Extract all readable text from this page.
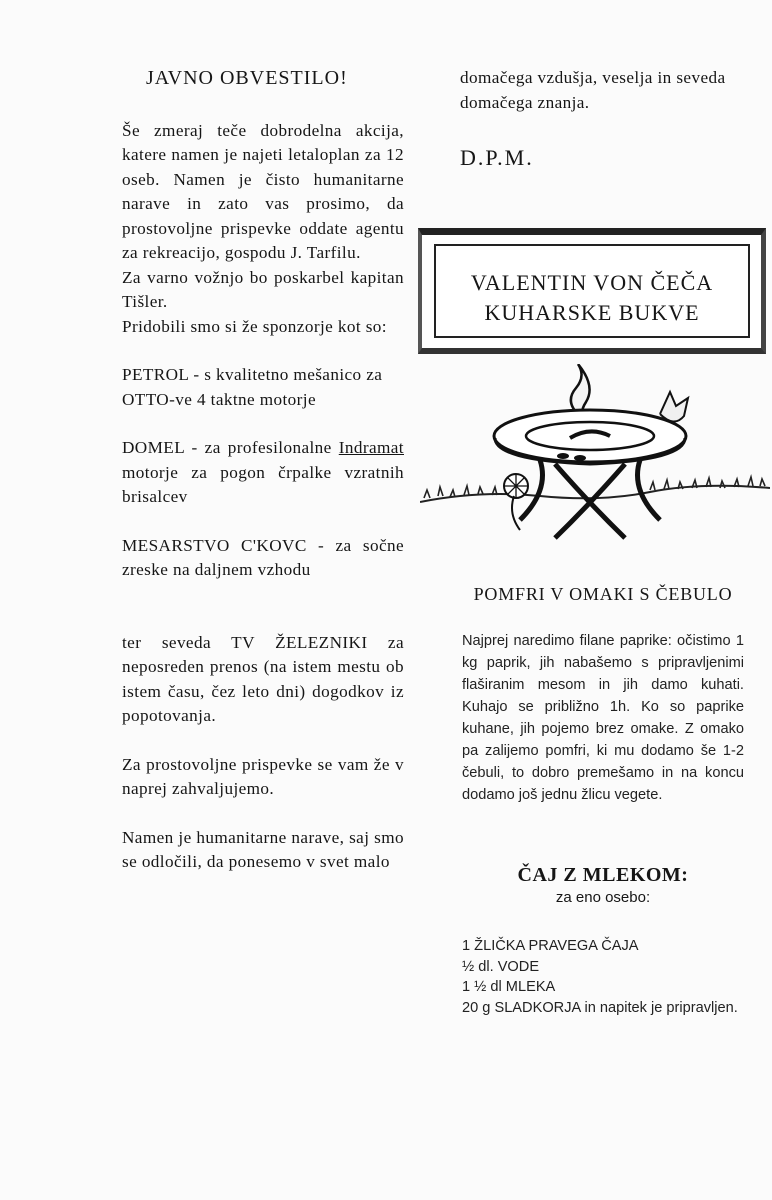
JAVNO OBVESTILO!

Še zmeraj teče dobrodelna akcija, katere namen je najeti letaloplan za 12 oseb. Namen je čisto humanitarne narave in zato vas prosimo, da prostovoljne prispevke oddate agentu za rekreacijo, gospodu J. Tarfilu.
Za varno vožnjo bo poskarbel kapitan Tišler.
Pridobili smo si že sponzorje kot so:

PETROL - s kvalitetno mešanico za
OTTO-ve 4 taktne motorje

DOMEL - za profesilonalne Indramat motorje za pogon črpalke vzratnih brisalcev

MESARSTVO C'KOVC - za sočne zreske na daljnem vzhodu

ter seveda TV ŽELEZNIKI za neposreden prenos (na istem mestu ob istem času, čez leto dni) dogodkov iz popotovanja.

Za prostovoljne prispevke se vam že v naprej zahvaljujemo.

Namen je humanitarne narave, saj smo se odločili, da ponesemo v svet malo

domačega vzdušja, veselja in seveda domačega znanja.

D.P.M.
VALENTIN VON ČEČA
KUHARSKE BUKVE
POMFRI V OMAKI S ČEBULO

Najprej naredimo filane paprike: očistimo 1 kg paprik, jih nabašemo s pripravljenimi flaširanim mesom in jih damo kuhati. Kuhajo se približno 1h. Ko so paprike kuhane, jih pojemo brez omake. Z omako pa zalijemo pomfri, ki mu dodamo še 1-2 čebuli, to dobro premešamo in na koncu dodamo još jednu žlicu vegete.

ČAJ Z MLEKOM:
za eno osebo:
1 ŽLIČKA PRAVEGA ČAJA
½ dl. VODE
1 ½ dl MLEKA
20 g SLADKORJA in napitek je pripravljen.
